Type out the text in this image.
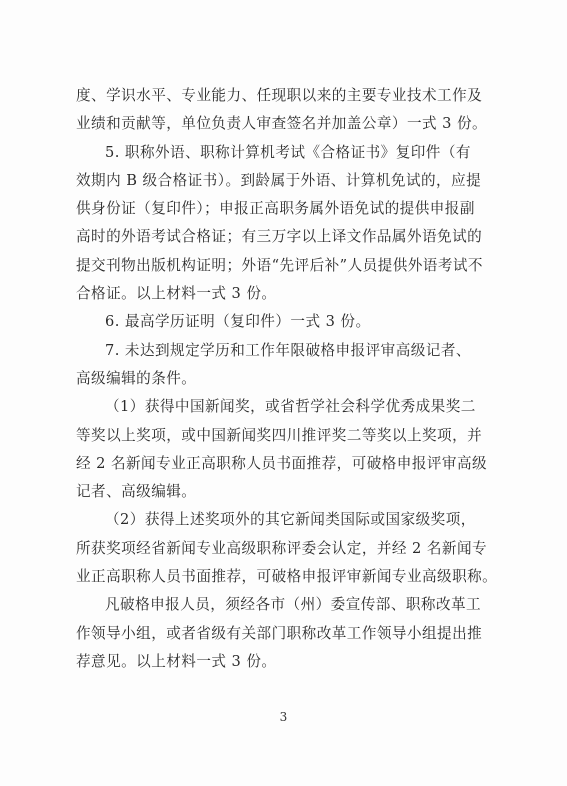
度、学识水平、专业能力、任现职以来的主要专业技术工作及
业绩和贡献等，单位负责人审查签名并加盖公章）一式 3 份。
5. 职称外语、职称计算机考试《合格证书》复印件（有
效期内 B 级合格证书）。到龄属于外语、计算机免试的，应提
供身份证（复印件）；申报正高职务属外语免试的提供申报副
高时的外语考试合格证；有三万字以上译文作品属外语免试的
提交刊物出版机构证明；外语“先评后补”人员提供外语考试不
合格证。以上材料一式 3 份。
6. 最高学历证明（复印件）一式 3 份。
7. 未达到规定学历和工作年限破格申报评审高级记者、
高级编辑的条件。
（1）获得中国新闻奖，或省哲学社会科学优秀成果奖二
等奖以上奖项，或中国新闻奖四川推评奖二等奖以上奖项，并
经 2 名新闻专业正高职称人员书面推荐，可破格申报评审高级
记者、高级编辑。
（2）获得上述奖项外的其它新闻类国际或国家级奖项，
所获奖项经省新闻专业高级职称评委会认定，并经 2 名新闻专
业正高职称人员书面推荐，可破格申报评审新闻专业高级职称。
凡破格申报人员，须经各市（州）委宣传部、职称改革工
作领导小组，或者省级有关部门职称改革工作领导小组提出推
荐意见。以上材料一式 3 份。
3
